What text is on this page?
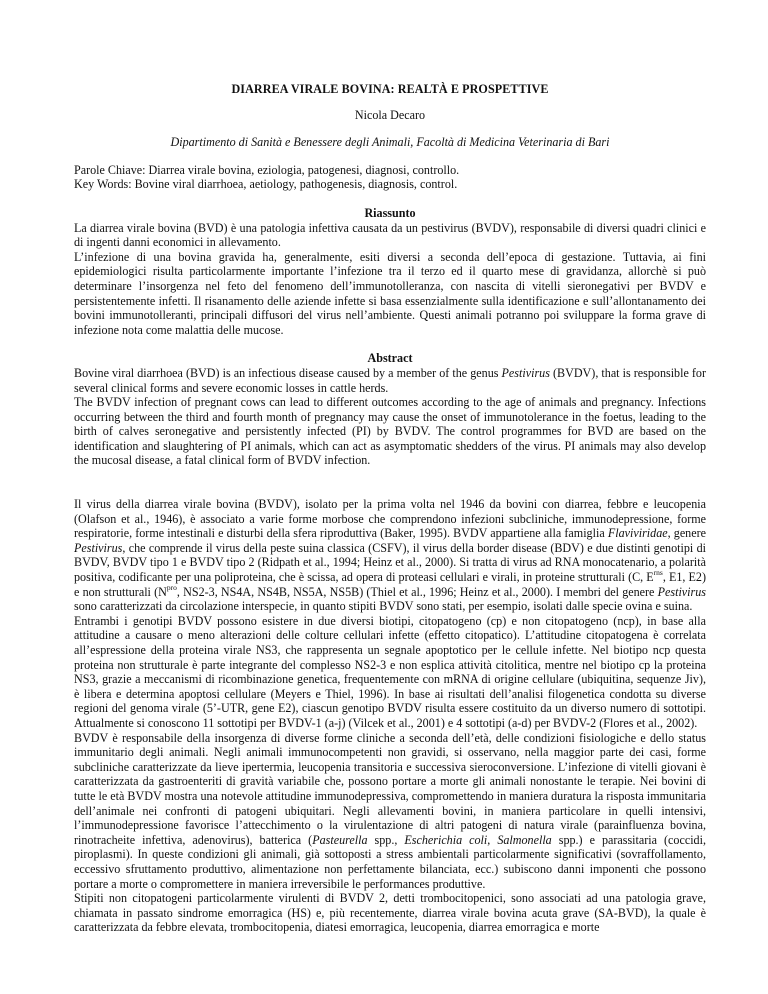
DIARREA VIRALE BOVINA: REALTÀ E PROSPETTIVE
Nicola Decaro
Dipartimento di Sanità e Benessere degli Animali, Facoltà di Medicina Veterinaria di Bari
Parole Chiave: Diarrea virale bovina, eziologia, patogenesi, diagnosi, controllo.
Key Words: Bovine viral diarrhoea, aetiology, pathogenesis, diagnosis, control.
Riassunto

La diarrea virale bovina (BVD) è una patologia infettiva causata da un pestivirus (BVDV), responsabile di diversi quadri clinici e di ingenti danni economici in allevamento.

L’infezione di una bovina gravida ha, generalmente, esiti diversi a seconda dell’epoca di gestazione. Tuttavia, ai fini epidemiologici risulta particolarmente importante l’infezione tra il terzo ed il quarto mese di gravidanza, allorchè si può determinare l’insorgenza nel feto del fenomeno dell’immunotolleranza, con nascita di vitelli sieronegativi per BVDV e persistentemente infetti. Il risanamento delle aziende infette si basa essenzialmente sulla identificazione e sull’allontanamento dei bovini immunotolleranti, principali diffusori del virus nell’ambiente. Questi animali potranno poi sviluppare la forma grave di infezione nota come malattia delle mucose.

Abstract

Bovine viral diarrhoea (BVD) is an infectious disease caused by a member of the genus Pestivirus (BVDV), that is responsible for several clinical forms and severe economic losses in cattle herds.

The BVDV infection of pregnant cows can lead to different outcomes according to the age of animals and pregnancy. Infections occurring between the third and fourth month of pregnancy may cause the onset of immunotolerance in the foetus, leading to the birth of calves seronegative and persistently infected (PI) by BVDV. The control programmes for BVD are based on the identification and slaughtering of PI animals, which can act as asymptomatic shedders of the virus. PI animals may also develop the mucosal disease, a fatal clinical form of BVDV infection.

Il virus della diarrea virale bovina (BVDV), isolato per la prima volta nel 1946 da bovini con diarrea, febbre e leucopenia (Olafson et al., 1946), è associato a varie forme morbose che comprendono infezioni subcliniche, immunodepressione, forme respiratorie, forme intestinali e disturbi della sfera riproduttiva (Baker, 1995). BVDV appartiene alla famiglia Flaviviridae, genere Pestivirus, che comprende il virus della peste suina classica (CSFV), il virus della border disease (BDV) e due distinti genotipi di BVDV, BVDV tipo 1 e BVDV tipo 2 (Ridpath et al., 1994; Heinz et al., 2000). Si tratta di virus ad RNA monocatenario, a polarità positiva, codificante per una poliproteina, che è scissa, ad opera di proteasi cellulari e virali, in proteine strutturali (C, $E^{rns}$, E1, E2) e non strutturali ($N^{pro}$, NS2-3, NS4A, NS4B, NS5A, NS5B) (Thiel et al., 1996; Heinz et al., 2000). I membri del genere Pestivirus sono caratterizzati da circolazione interspecie, in quanto stipiti BVDV sono stati, per esempio, isolati dalle specie ovina e suina.

Entrambi i genotipi BVDV possono esistere in due diversi biotipi, citopatogeno (cp) e non citopatogeno (ncp), in base alla attitudine a causare o meno alterazioni delle colture cellulari infette (effetto citopatico). L’attitudine citopatogena è correlata all’espressione della proteina virale NS3, che rappresenta un segnale apoptotico per le cellule infette. Nel biotipo ncp questa proteina non strutturale è parte integrante del complesso NS2-3 e non esplica attività citolitica, mentre nel biotipo cp la proteina NS3, grazie a meccanismi di ricombinazione genetica, frequentemente con mRNA di origine cellulare (ubiquitina, sequenze Jiv), è libera e determina apoptosi cellulare (Meyers e Thiel, 1996). In base ai risultati dell’analisi filogenetica condotta su diverse regioni del genoma virale (5’-UTR, gene E2), ciascun genotipo BVDV risulta essere costituito da un diverso numero di sottotipi. Attualmente si conoscono 11 sottotipi per BVDV-1 (a-j) (Vilcek et al., 2001) e 4 sottotipi (a-d) per BVDV-2 (Flores et al., 2002).

BVDV è responsabile della insorgenza di diverse forme cliniche a seconda dell’età, delle condizioni fisiologiche e dello status immunitario degli animali. Negli animali immunocompetenti non gravidi, si osservano, nella maggior parte dei casi, forme subcliniche caratterizzate da lieve ipertermia, leucopenia transitoria e successiva sieroconversione. L’infezione di vitelli giovani è caratterizzata da gastroenteriti di gravità variabile che, possono portare a morte gli animali nonostante le terapie. Nei bovini di tutte le età BVDV mostra una notevole attitudine immunodepressiva, compromettendo in maniera duratura la risposta immunitaria dell’animale nei confronti di patogeni ubiquitari. Negli allevamenti bovini, in maniera particolare in quelli intensivi, l’immunodepressione favorisce l’attecchimento o la virulentazione di altri patogeni di natura virale (parainfluenza bovina, rinotracheite infettiva, adenovirus), batterica (Pasteurella spp., Escherichia coli, Salmonella spp.) e parassitaria (coccidi, piroplasmi). In queste condizioni gli animali, già sottoposti a stress ambientali particolarmente significativi (sovraffollamento, eccessivo sfruttamento produttivo, alimentazione non perfettamente bilanciata, ecc.) subiscono danni imponenti che possono portare a morte o compromettere in maniera irreversibile le performances produttive.

Stipiti non citopatogeni particolarmente virulenti di BVDV 2, detti trombocitopenici, sono associati ad una patologia grave, chiamata in passato sindrome emorragica (HS) e, più recentemente, diarrea virale bovina acuta grave (SA-BVD), la quale è caratterizzata da febbre elevata, trombocitopenia, diatesi emorragica, leucopenia, diarrea emorragica e morte
